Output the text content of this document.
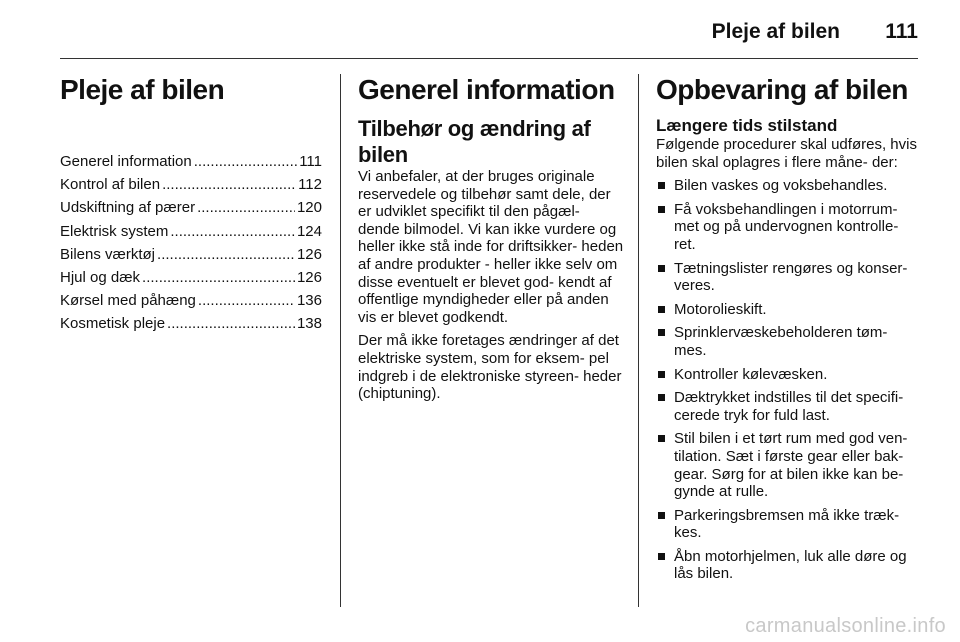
Pleje af bilen 111
Pleje af bilen
Generel information .....	111
Kontrol af bilen .....	112
Udskiftning af pærer .....	120
Elektrisk system .....	124
Bilens værktøj .....	126
Hjul og dæk .....	126
Kørsel med påhæng .....	136
Kosmetisk pleje .....	138
Generel information
Tilbehør og ændring af bilen

Vi anbefaler, at der bruges originale reservedele og tilbehør samt dele, der er udviklet specifikt til den pågæl- dende bilmodel. Vi kan ikke vurdere og heller ikke stå inde for driftsikker- heden af andre produkter - heller ikke selv om disse eventuelt er blevet god- kendt af offentlige myndigheder eller på anden vis er blevet godkendt.

Der må ikke foretages ændringer af det elektriske system, som for eksem- pel indgreb i de elektroniske styreen- heder (chiptuning).

Opbevaring af bilen
Længere tids stilstand

Følgende procedurer skal udføres, hvis bilen skal oplagres i flere måne- der:

Bilen vaskes og voksbehandles.
Få voksbehandlingen i motorrum- met og på undervognen kontrolle- ret.
Tætningslister rengøres og konser- veres.
Motorolieskift.
Sprinklervæskebeholderen tøm- mes.
Kontroller kølevæsken.
Dæktrykket indstilles til det specifi- cerede tryk for fuld last.
Stil bilen i et tørt rum med god ven- tilation. Sæt i første gear eller bak- gear. Sørg for at bilen ikke kan be- gynde at rulle.
Parkeringsbremsen må ikke træk- kes.
Åbn motorhjelmen, luk alle døre og lås bilen.
carmanualsonline.info
